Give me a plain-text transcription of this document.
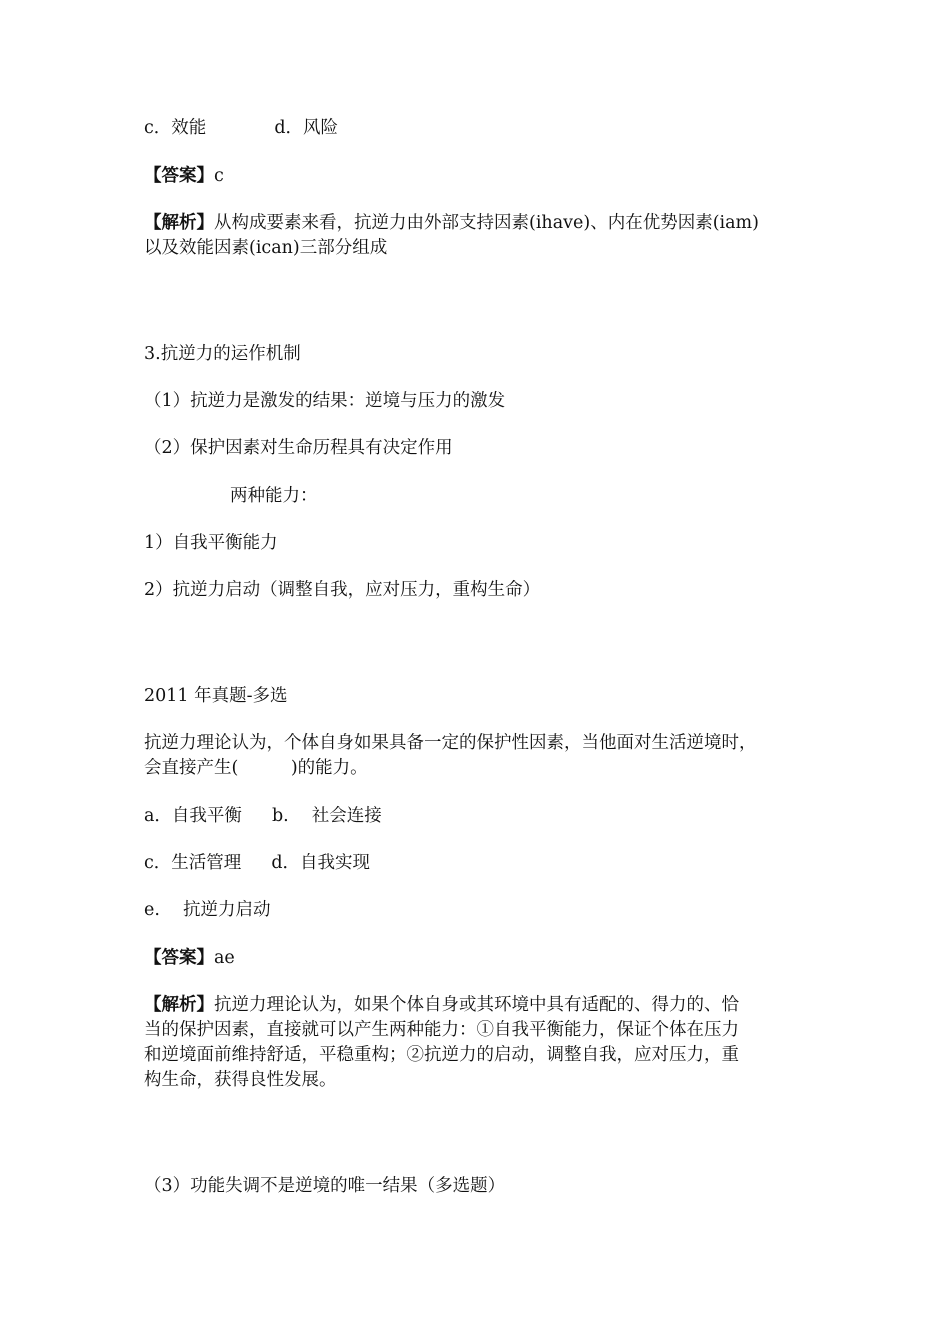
c．效能	d．风险
【答案】c
【解析】从构成要素来看，抗逆力由外部支持因素(ihave)、内在优势因素(iam)
以及效能因素(ican)三部分组成
3.抗逆力的运作机制
（1）抗逆力是激发的结果：逆境与压力的激发
（2）保护因素对生命历程具有决定作用
两种能力：
1）自我平衡能力
2）抗逆力启动（调整自我，应对压力，重构生命）
2011 年真题-多选
抗逆力理论认为，个体自身如果具备一定的保护性因素，当他面对生活逆境时，
会直接产生(　　　)的能力。
a．自我平衡 b.　 社会连接
c．生活管理 d．自我实现
e.　 抗逆力启动
【答案】ae
【解析】抗逆力理论认为，如果个体自身或其环境中具有适配的、得力的、恰
当的保护因素，直接就可以产生两种能力：①自我平衡能力，保证个体在压力
和逆境面前维持舒适，平稳重构；②抗逆力的启动，调整自我，应对压力，重
构生命，获得良性发展。
（3）功能失调不是逆境的唯一结果（多选题）
